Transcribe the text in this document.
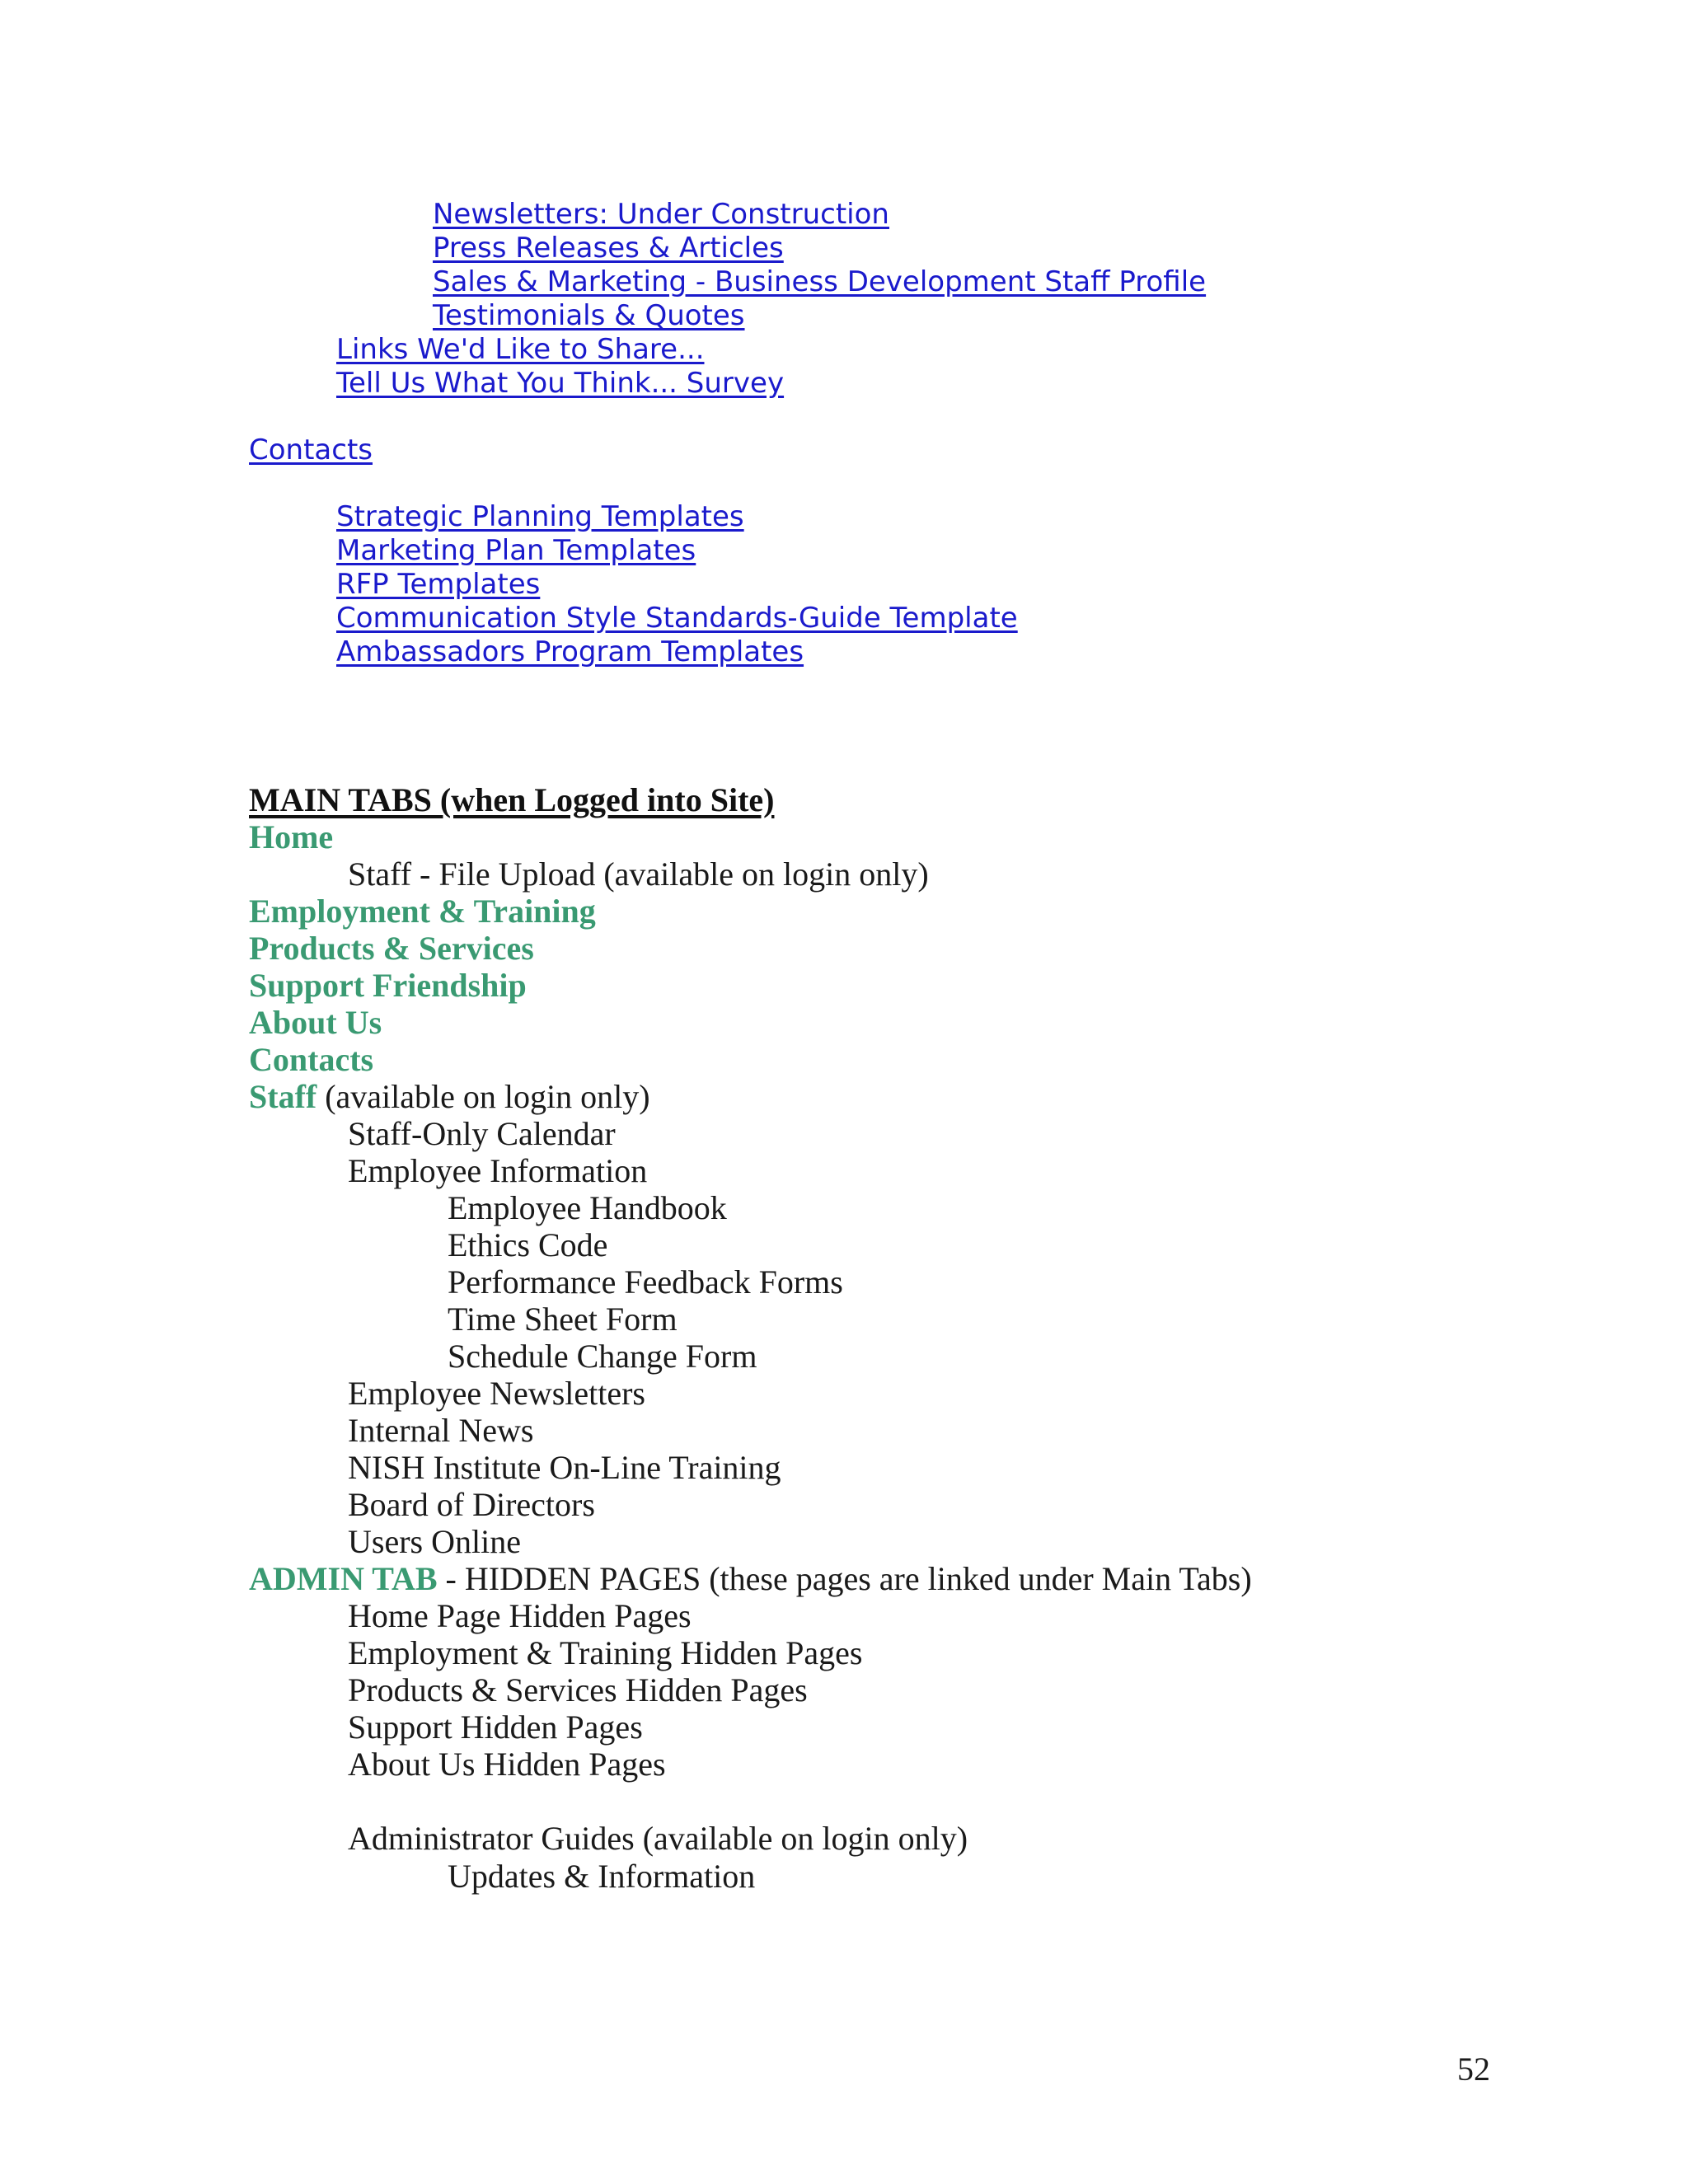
Newsletters: Under Construction
Press Releases & Articles
Sales & Marketing - Business Development Staff Profile
Testimonials & Quotes
Links We'd Like to Share...
Tell Us What You Think... Survey
Contacts
Strategic Planning Templates
Marketing Plan Templates
RFP Templates
Communication Style Standards-Guide Template
Ambassadors Program Templates
MAIN TABS (when Logged into Site)
Home
Staff - File Upload (available on login only)
Employment & Training
Products & Services
Support Friendship
About Us
Contacts
Staff (available on login only)
Staff-Only Calendar
Employee Information
Employee Handbook
Ethics Code
Performance Feedback Forms
Time Sheet Form
Schedule Change Form
Employee Newsletters
Internal News
NISH Institute On-Line Training
Board of Directors
Users Online
ADMIN TAB - HIDDEN PAGES (these pages are linked under Main Tabs)
Home Page Hidden Pages
Employment & Training Hidden Pages
Products & Services Hidden Pages
Support Hidden Pages
About Us Hidden Pages
Administrator Guides (available on login only)
Updates & Information
52
